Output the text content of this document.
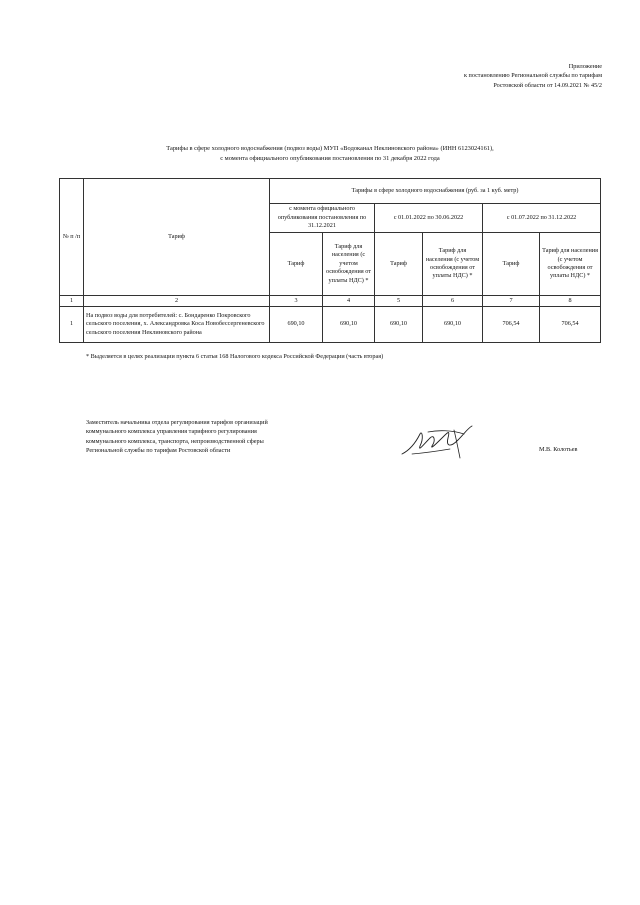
Приложение
к постановлению Региональной службы по тарифам
Ростовской области от 14.09.2021 № 45/2
Тарифы в сфере холодного водоснабжения (подвоз воды) МУП «Водоканал Неклиновского района» (ИНН 6123024161),
с момента официального опубликования постановления по 31 декабря 2022 года
№ п /п	Тариф	Тарифы в сфере холодного водоснабжения (руб. за 1 куб. метр)					
		с момента официального опубликования постановления по 31.12.2021		с 01.01.2022 по 30.06.2022		с 01.07.2022 по 31.12.2022	
		Тариф	Тариф для населения (с учетом освобождения от уплаты НДС) *	Тариф	Тариф для населения (с учетом освобождения от уплаты НДС) *	Тариф	Тариф для населения (с учетом освобождения от уплаты НДС) *
1	2	3	4	5	6	7	8
1	На подвоз воды для потребителей: с. Бондаренко Покровского сельского поселения, х. Александровка Коса Новобессергеневского сельского поселения Неклиновского района	690,10	690,10	690,10	690,10	706,54	706,54
* Выделяется в целях реализации пункта 6 статьи 168 Налогового кодекса Российской Федерации (часть вторая)
Заместитель начальника отдела регулирования тарифов организаций
коммунального комплекса управления тарифного регулирования
коммунального комплекса, транспорта, непроизводственной сферы
Региональной службы по тарифам Ростовской области	М.В. Колотьев
